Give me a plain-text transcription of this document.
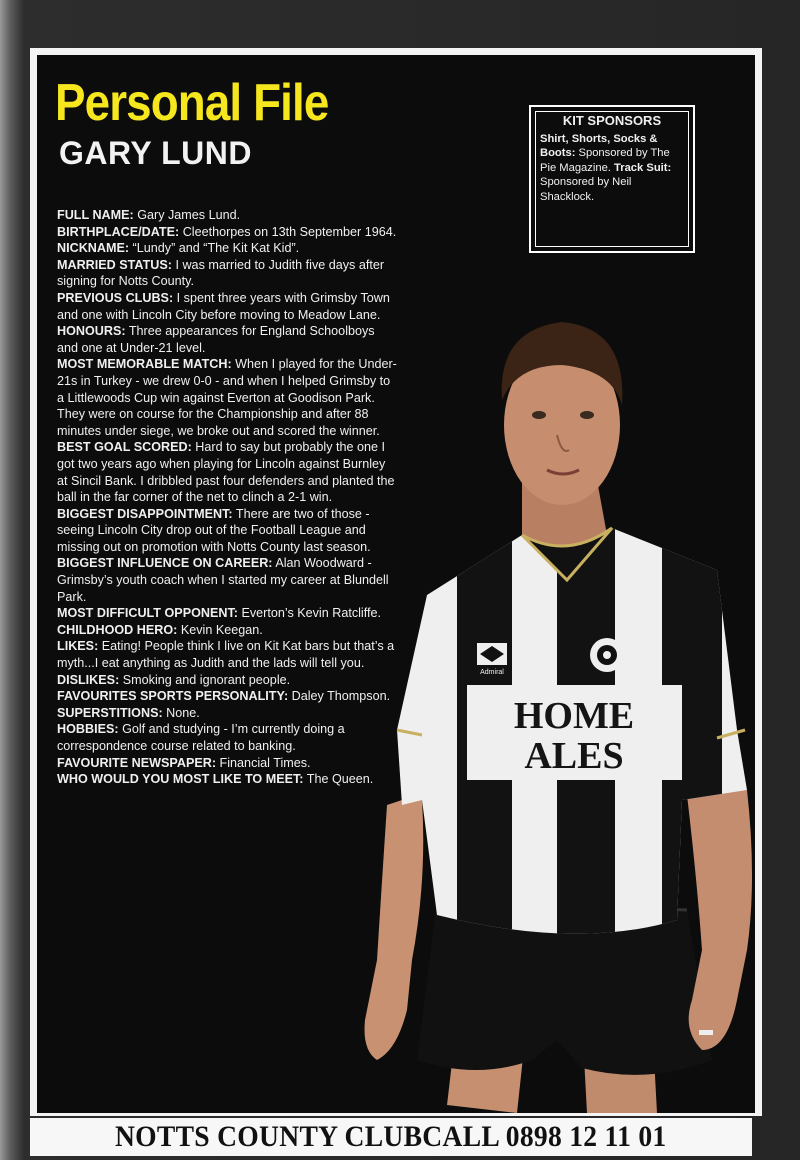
Personal File
GARY LUND
KIT SPONSORS
Shirt, Shorts, Socks & Boots: Sponsored by The Pie Magazine. Track Suit: Sponsored by Neil Shacklock.
HOME
ALES
Admiral
FULL NAME: Gary James Lund.
BIRTHPLACE/DATE: Cleethorpes on 13th September 1964.
NICKNAME: “Lundy” and “The Kit Kat Kid”.
MARRIED STATUS: I was married to Judith five days after signing for Notts County.
PREVIOUS CLUBS: I spent three years with Grimsby Town and one with Lincoln City before moving to Meadow Lane.
HONOURS: Three appearances for England Schoolboys and one at Under-21 level.
MOST MEMORABLE MATCH: When I played for the Under-21s in Turkey - we drew 0-0 - and when I helped Grimsby to a Littlewoods Cup win against Everton at Goodison Park. They were on course for the Championship and after 88 minutes under siege, we broke out and scored the winner.
BEST GOAL SCORED: Hard to say but probably the one I got two years ago when playing for Lincoln against Burnley at Sincil Bank. I dribbled past four defenders and planted the ball in the far corner of the net to clinch a 2-1 win.
BIGGEST DISAPPOINTMENT: There are two of those - seeing Lincoln City drop out of the Football League and missing out on promotion with Notts County last season.
BIGGEST INFLUENCE ON CAREER: Alan Woodward -Grimsby’s youth coach when I started my career at Blundell Park.
MOST DIFFICULT OPPONENT: Everton’s Kevin Ratcliffe.
CHILDHOOD HERO: Kevin Keegan.
LIKES: Eating! People think I live on Kit Kat bars but that’s a myth...I eat anything as Judith and the lads will tell you.
DISLIKES: Smoking and ignorant people.
FAVOURITES SPORTS PERSONALITY: Daley Thompson.
SUPERSTITIONS: None.
HOBBIES: Golf and studying - I’m currently doing a correspondence course related to banking.
FAVOURITE NEWSPAPER: Financial Times.
WHO WOULD YOU MOST LIKE TO MEET: The Queen.
NOTTS COUNTY CLUBCALL 0898 12 11 01
